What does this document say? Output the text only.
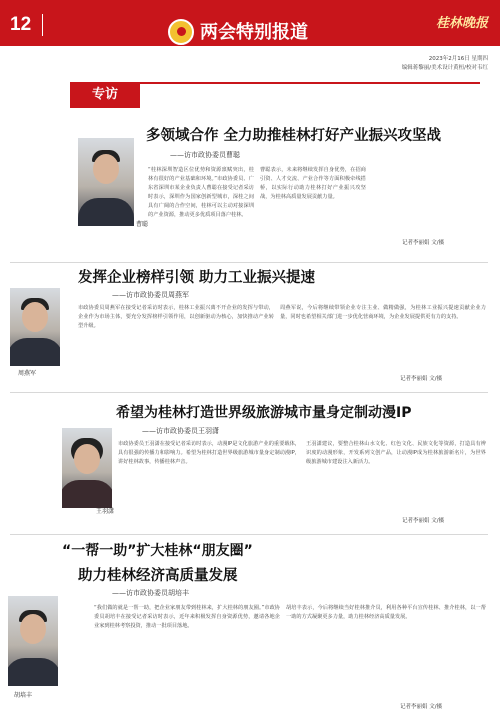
12	两会特别报道	桂林晚报
2023年2月16日 星期四
编辑蒋黎丽/美术设计黄桓/校对韦红
专访
曹聪
多领域合作 全力助推桂林打好产业振兴攻坚战
——访市政协委员曹聪
“桂林深圳智造区位优势和资源禀赋突出，桂林有很好的产业基础和环境。”市政协委员、广东省深圳市某企业负责人曹聪在接受记者采访时表示，深圳作为国家创新型城市，深桂之间具有广阔的合作空间，桂林可以主动对接深圳的产业资源，推动更多优质项目落户桂林。
曹聪表示，未来将继续发挥自身优势，在招商引资、人才交流、产业合作等方面积极牵线搭桥，以实际行动助力桂林打好产业振兴攻坚战，为桂林高质量发展贡献力量。
记者李丽娟 文/摄
周燕军
发挥企业榜样引领 助力工业振兴提速
——访市政协委员周燕军
市政协委员周燕军在接受记者采访时表示，桂林工业振兴离不开企业的发挥与带动，企业作为市场主体，要充分发挥榜样引领作用，以创新驱动为核心，加快推动产业转型升级。
周燕军说，今后将继续带领企业专注主业、做精做强，为桂林工业振兴提速贡献企业力量，同时也希望相关部门进一步优化营商环境，为企业发展提供更有力的支持。
记者李丽娟 文/摄
王羽潇
希望为桂林打造世界级旅游城市量身定制动漫IP
——访市政协委员王羽潇
市政协委员王羽潇在接受记者采访时表示，动漫IP是文化旅游产业的重要载体，具有很强的传播力和影响力。希望为桂林打造世界级旅游城市量身定制动漫IP，讲好桂林故事，传播桂林声音。
王羽潇建议，要整合桂林山水文化、红色文化、民族文化等资源，打造具有辨识度的动漫形象，开发系列文创产品，让动漫IP成为桂林旅游新名片，为世界级旅游城市建设注入新活力。
记者李丽娟 文/摄
“一帮一助”扩大桂林“朋友圈”
助力桂林经济高质量发展
——访市政协委员胡培丰
胡培丰
“我们做的就是一帮一助，把企业家朋友带到桂林来，扩大桂林的朋友圈。”市政协委员胡培丰在接受记者采访时表示，近年来积极发挥自身资源优势，邀请各地企业家到桂林考察投资，推动一批项目落地。
胡培丰表示，今后将继续当好桂林推介员，利用各种平台宣传桂林、推介桂林，以一帮一助的方式凝聚更多力量，助力桂林经济高质量发展。
记者李丽娟 文/摄
